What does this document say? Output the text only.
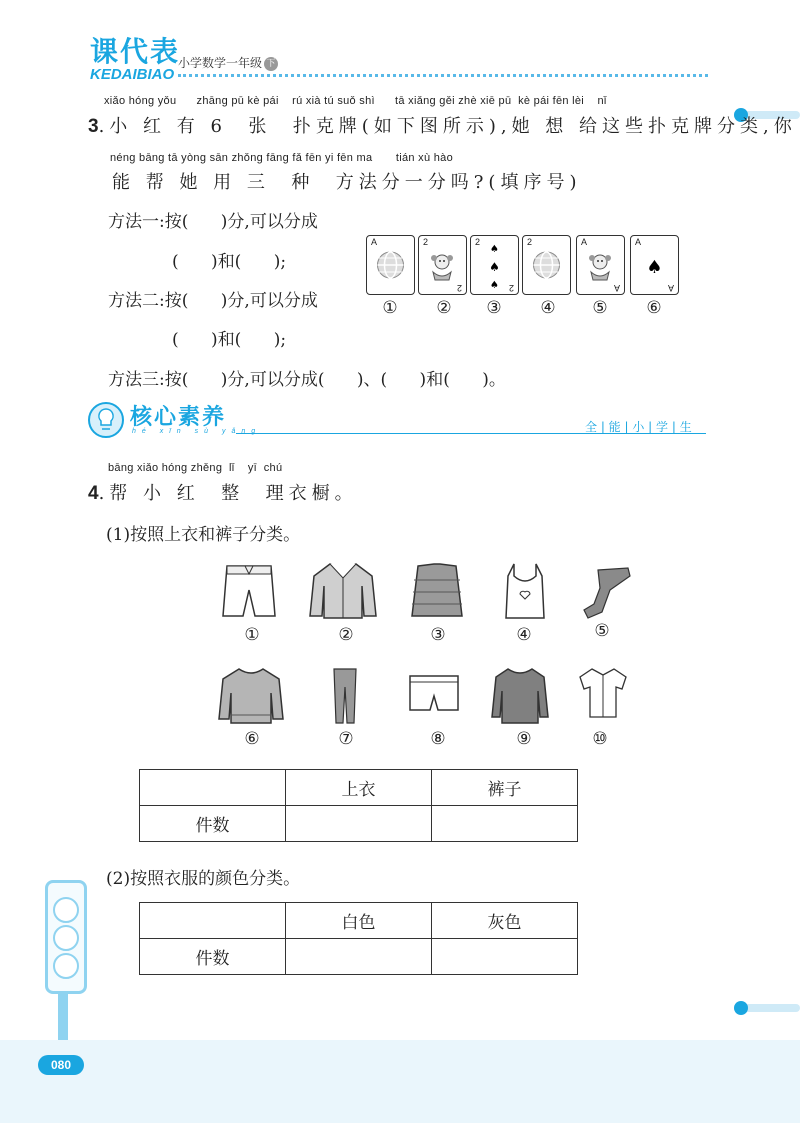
课代表
KEDAIBIAO
小学数学一年级 下
xiǎo hóng yǒu      zhāng pū kè pái    rú xià tú suǒ shì      tā xiǎng gěi zhè xiē pū  kè pái fēn lèi    nǐ
3.小 红 有 6  张  扑克牌(如下图所示),她 想 给这些扑克牌分类,你
néng bāng tā yòng sān zhǒng fāng fǎ fēn yi fēn ma       tián xù hào
能 帮 她 用 三  种  方法分一分吗?(填序号)
方法一:按(      )分,可以分成
(      )和(      );
方法二:按(      )分,可以分成
(      )和(      );
方法三:按(      )分,可以分成(      )、(      )和(      )。
A	2
2
2
2
♠
♠
♠
2	A
A
A
A
♠
① ② ③ ④ ⑤ ⑥
核心素养
hé xīn sù yǎng	全 | 能 | 小 | 学 | 生
bāng xiǎo hóng zhěng  lǐ    yī  chú
4.帮 小 红  整  理衣橱。
(1)按照上衣和裤子分类。
①	②	③	④	⑤
⑥	⑦	⑧	⑨	⑩
	上衣	裤子
件数		
(2)按照衣服的颜色分类。
	白色	灰色
件数		
080
